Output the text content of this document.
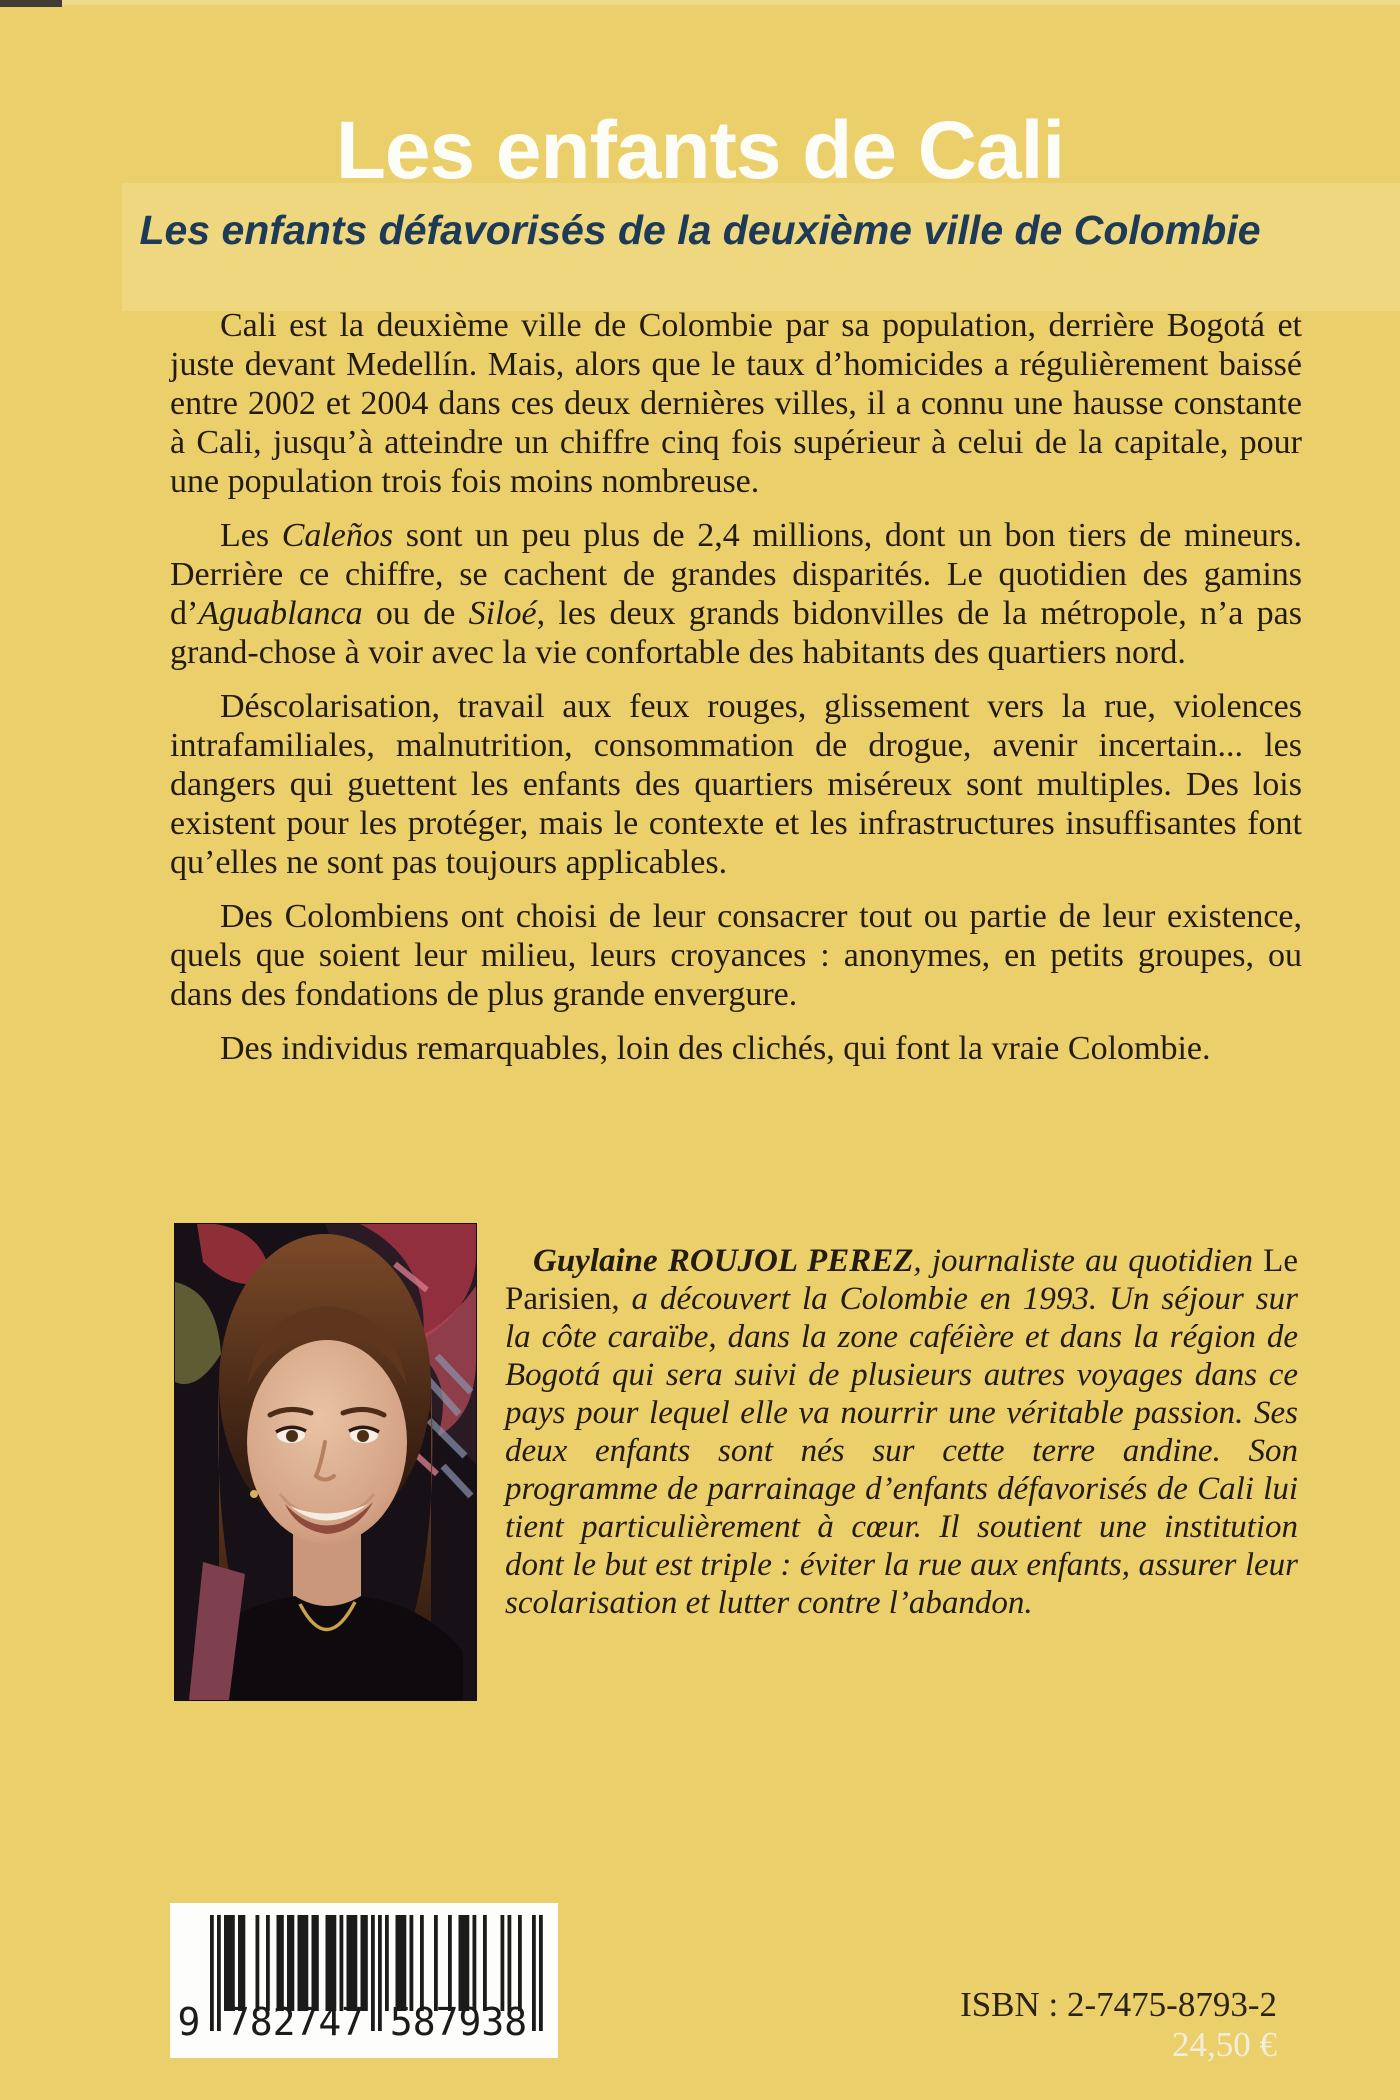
Les enfants de Cali
Les enfants défavorisés de la deuxième ville de Colombie

Cali est la deuxième ville de Colombie par sa population, derrière Bogotá et juste devant Medellín. Mais, alors que le taux d’homicides a régulièrement baissé entre 2002 et 2004 dans ces deux dernières villes, il a connu une hausse constante à Cali, jusqu’à atteindre un chiffre cinq fois supérieur à celui de la capitale, pour une population trois fois moins nombreuse.

Les Caleños sont un peu plus de 2,4 millions, dont un bon tiers de mineurs. Derrière ce chiffre, se cachent de grandes disparités. Le quotidien des gamins d’Aguablanca ou de Siloé, les deux grands bidonvilles de la métropole, n’a pas grand-chose à voir avec la vie confortable des habitants des quartiers nord.

Déscolarisation, travail aux feux rouges, glissement vers la rue, violences intrafamiliales, malnutrition, consommation de drogue, avenir incertain... les dangers qui guettent les enfants des quartiers miséreux sont multiples. Des lois existent pour les protéger, mais le contexte et les infrastructures insuffisantes font qu’elles ne sont pas toujours applicables.

Des Colombiens ont choisi de leur consacrer tout ou partie de leur existence, quels que soient leur milieu, leurs croyances : anonymes, en petits groupes, ou dans des fondations de plus grande envergure.

Des individus remarquables, loin des clichés, qui font la vraie Colombie.

Guylaine ROUJOL PEREZ, journaliste au quotidien Le Parisien, a découvert la Colombie en 1993. Un séjour sur la côte caraïbe, dans la zone caféière et dans la région de Bogotá qui sera suivi de plusieurs autres voyages dans ce pays pour lequel elle va nourrir une véritable passion. Ses deux enfants sont nés sur cette terre andine. Son programme de parrainage d’enfants défavorisés de Cali lui tient particulièrement à cœur. Il soutient une institution dont le but est triple : éviter la rue aux enfants, assurer leur scolarisation et lutter contre l’abandon.

9 782747 587938	ISBN : 2-7475-8793-2
24,50 €
